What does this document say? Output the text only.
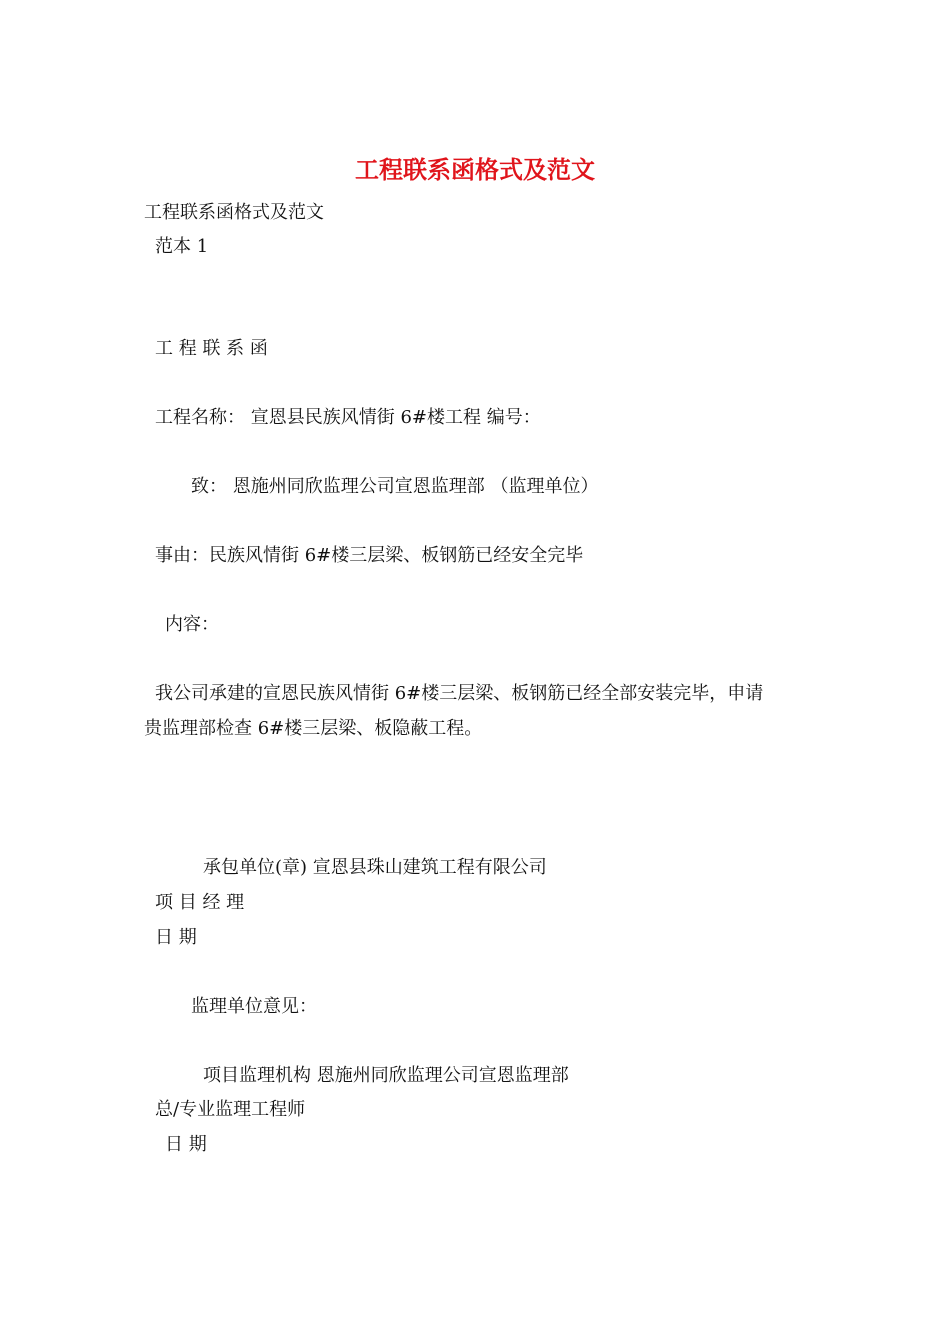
工程联系函格式及范文
工程联系函格式及范文
范本 1
工 程 联 系 函
工程名称： 宣恩县民族风情街 6#楼工程 编号：
致： 恩施州同欣监理公司宣恩监理部 （监理单位）
事由：民族风情街 6#楼三层梁、板钢筋已经安全完毕
内容：
我公司承建的宣恩民族风情街 6#楼三层梁、板钢筋已经全部安装完毕，申请
贵监理部检查 6#楼三层梁、板隐蔽工程。
承包单位(章) 宣恩县珠山建筑工程有限公司
项 目 经 理
日 期
监理单位意见：
项目监理机构 恩施州同欣监理公司宣恩监理部
总/专业监理工程师
日 期
